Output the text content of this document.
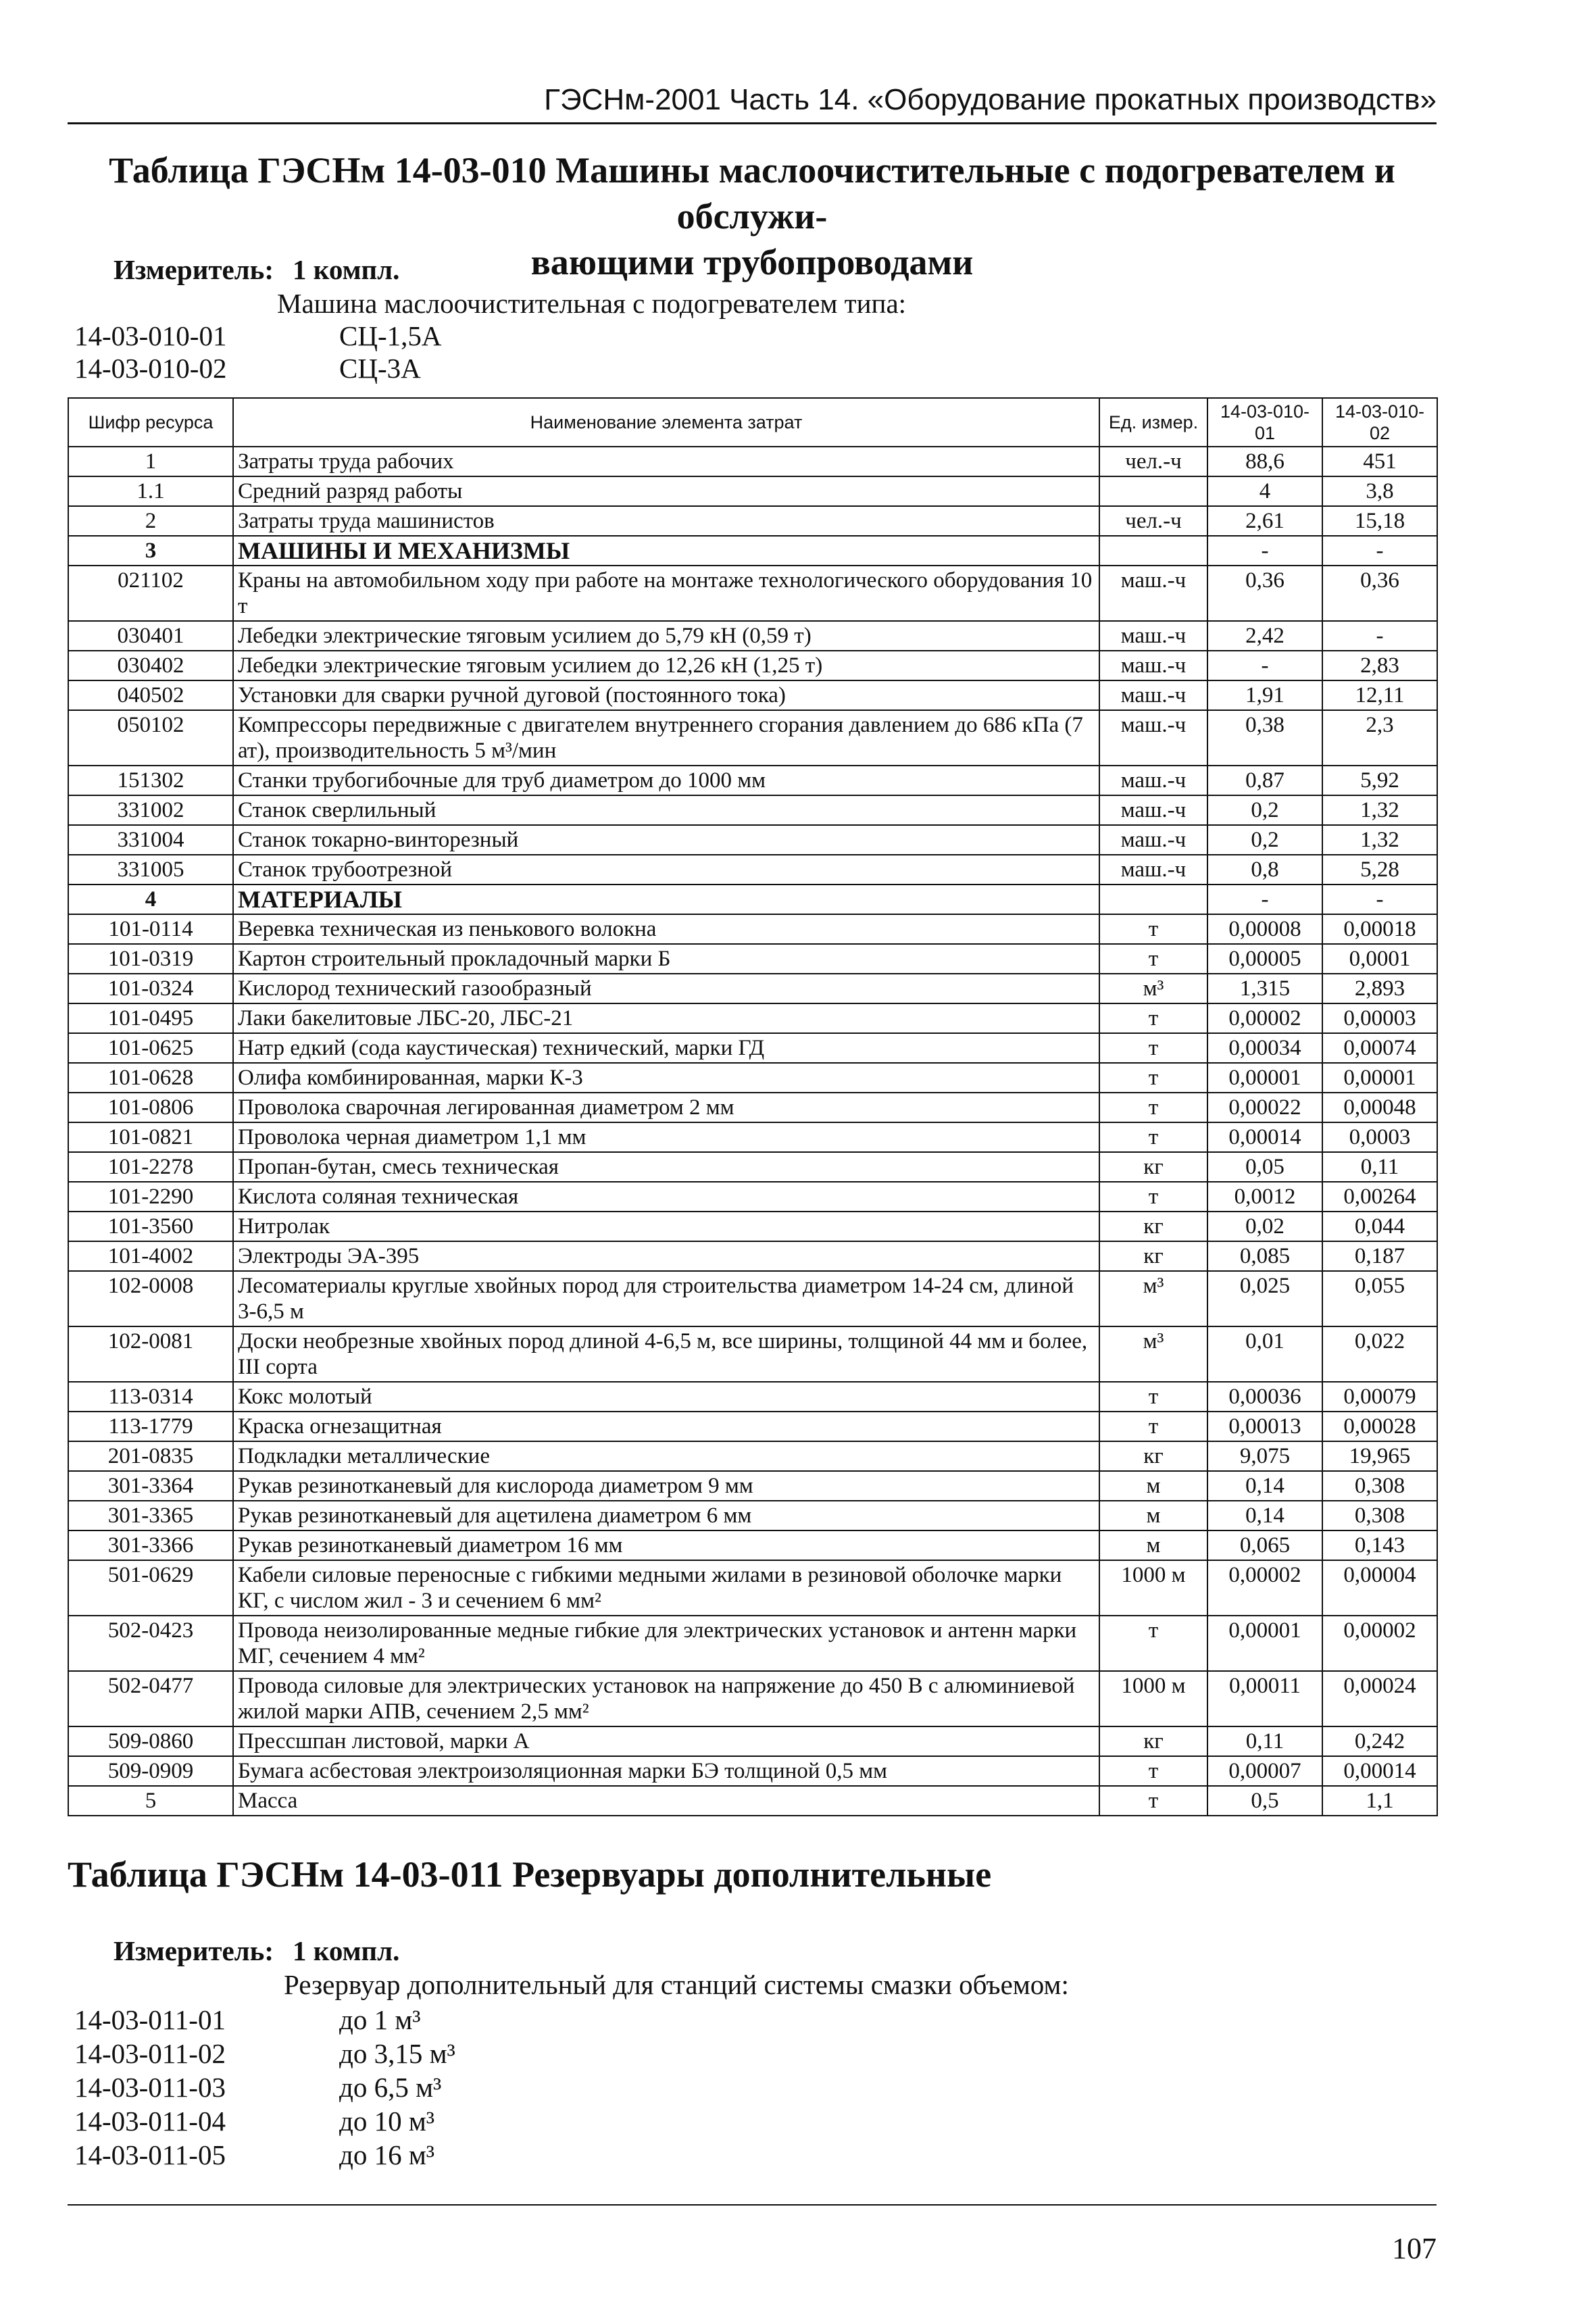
ГЭСНм-2001 Часть 14. «Оборудование прокатных производств»
Таблица ГЭСНм 14-03-010 Машины маслоочистительные с подогревателем и обслужи-
вающими трубопроводами
Измеритель: 1 компл.
Машина маслоочистительная с подогревателем типа:
14-03-010-01	СЦ-1,5А
14-03-010-02	СЦ-3А
Шифр ресурса	Наименование элемента затрат	Ед. измер.	14-03-010-01	14-03-010-02
1	Затраты труда рабочих	чел.-ч	88,6	451
1.1	Средний разряд работы		4	3,8
2	Затраты труда машинистов	чел.-ч	2,61	15,18
3	МАШИНЫ И МЕХАНИЗМЫ		-	-
021102	Краны на автомобильном ходу при работе на монтаже технологического оборудования 10 т	маш.-ч	0,36	0,36
030401	Лебедки электрические тяговым усилием до 5,79 кН (0,59 т)	маш.-ч	2,42	-
030402	Лебедки электрические тяговым усилием до 12,26 кН (1,25 т)	маш.-ч	-	2,83
040502	Установки для сварки ручной дуговой (постоянного тока)	маш.-ч	1,91	12,11
050102	Компрессоры передвижные с двигателем внутреннего сгорания давлением до 686 кПа (7 ат), производительность 5 м³/мин	маш.-ч	0,38	2,3
151302	Станки трубогибочные для труб диаметром до 1000 мм	маш.-ч	0,87	5,92
331002	Станок сверлильный	маш.-ч	0,2	1,32
331004	Станок токарно-винторезный	маш.-ч	0,2	1,32
331005	Станок трубоотрезной	маш.-ч	0,8	5,28
4	МАТЕРИАЛЫ		-	-
101-0114	Веревка техническая из пенькового волокна	т	0,00008	0,00018
101-0319	Картон строительный прокладочный марки Б	т	0,00005	0,0001
101-0324	Кислород технический газообразный	м³	1,315	2,893
101-0495	Лаки бакелитовые ЛБС-20, ЛБС-21	т	0,00002	0,00003
101-0625	Натр едкий (сода каустическая) технический, марки ГД	т	0,00034	0,00074
101-0628	Олифа комбинированная, марки К-3	т	0,00001	0,00001
101-0806	Проволока сварочная легированная диаметром 2 мм	т	0,00022	0,00048
101-0821	Проволока черная диаметром 1,1 мм	т	0,00014	0,0003
101-2278	Пропан-бутан, смесь техническая	кг	0,05	0,11
101-2290	Кислота соляная техническая	т	0,0012	0,00264
101-3560	Нитролак	кг	0,02	0,044
101-4002	Электроды ЭА-395	кг	0,085	0,187
102-0008	Лесоматериалы круглые хвойных пород для строительства диаметром 14-24 см, длиной 3-6,5 м	м³	0,025	0,055
102-0081	Доски необрезные хвойных пород длиной 4-6,5 м, все ширины, толщиной 44 мм и более, III сорта	м³	0,01	0,022
113-0314	Кокс молотый	т	0,00036	0,00079
113-1779	Краска огнезащитная	т	0,00013	0,00028
201-0835	Подкладки металлические	кг	9,075	19,965
301-3364	Рукав резинотканевый для кислорода диаметром 9 мм	м	0,14	0,308
301-3365	Рукав резинотканевый для ацетилена диаметром 6 мм	м	0,14	0,308
301-3366	Рукав резинотканевый диаметром 16 мм	м	0,065	0,143
501-0629	Кабели силовые переносные с гибкими медными жилами в резиновой оболочке марки КГ, с числом жил - 3 и сечением 6 мм²	1000 м	0,00002	0,00004
502-0423	Провода неизолированные медные гибкие для электрических установок и антенн марки МГ, сечением 4 мм²	т	0,00001	0,00002
502-0477	Провода силовые для электрических установок на напряжение до 450 В с алюминиевой жилой марки АПВ, сечением 2,5 мм²	1000 м	0,00011	0,00024
509-0860	Прессшпан листовой, марки А	кг	0,11	0,242
509-0909	Бумага асбестовая электроизоляционная марки БЭ толщиной 0,5 мм	т	0,00007	0,00014
5	Масса	т	0,5	1,1
Таблица ГЭСНм 14-03-011 Резервуары дополнительные
Измеритель: 1 компл.
Резервуар дополнительный для станций системы смазки объемом:
14-03-011-01	до 1 м³
14-03-011-02	до 3,15 м³
14-03-011-03	до 6,5 м³
14-03-011-04	до 10 м³
14-03-011-05	до 16 м³
107
